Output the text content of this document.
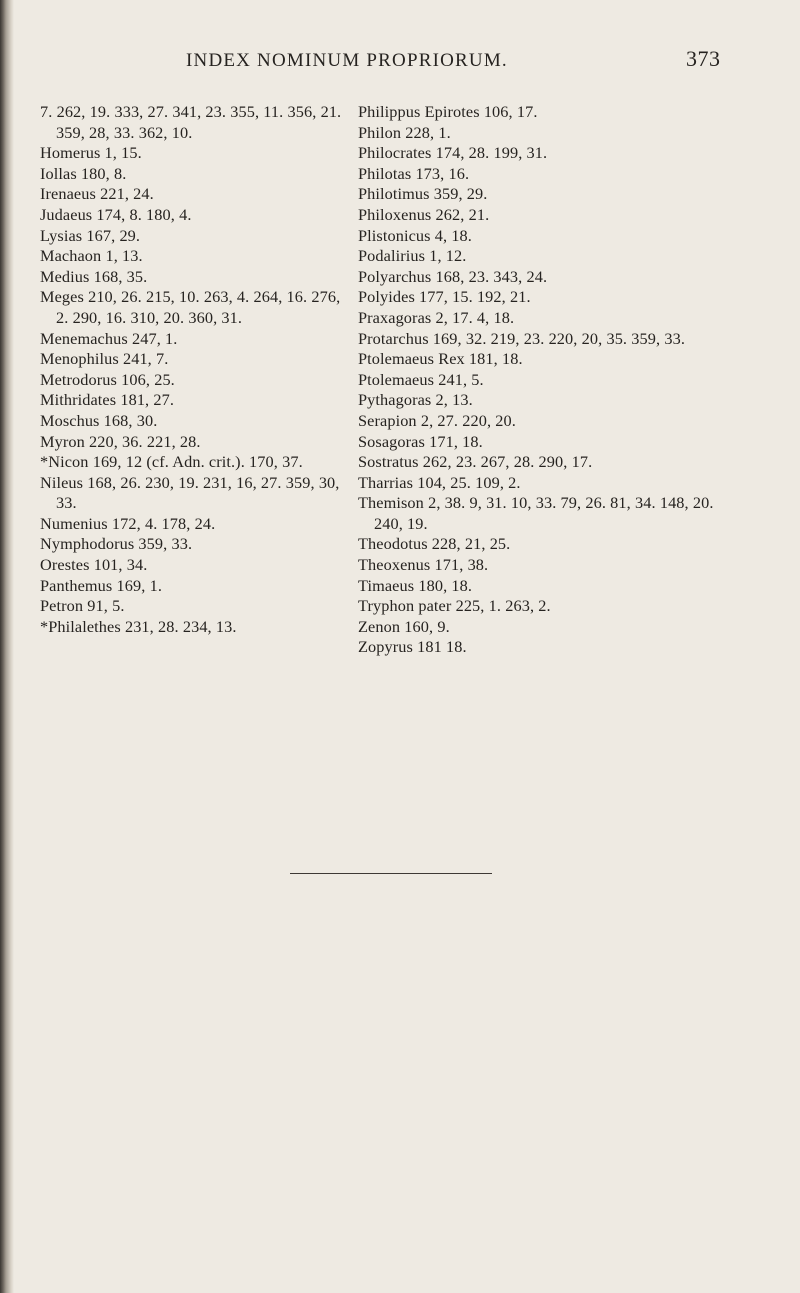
INDEX NOMINUM PROPRIORUM.	373
7. 262, 19. 333, 27. 341, 23. 355, 11. 356, 21. 359, 28, 33. 362, 10.
Homerus 1, 15.
Iollas 180, 8.
Irenaeus 221, 24.
Judaeus 174, 8. 180, 4.
Lysias 167, 29.
Machaon 1, 13.
Medius 168, 35.
Meges 210, 26. 215, 10. 263, 4. 264, 16. 276, 2. 290, 16. 310, 20. 360, 31.
Menemachus 247, 1.
Menophilus 241, 7.
Metrodorus 106, 25.
Mithridates 181, 27.
Moschus 168, 30.
Myron 220, 36. 221, 28.
*Nicon 169, 12 (cf. Adn. crit.). 170, 37.
Nileus 168, 26. 230, 19. 231, 16, 27. 359, 30, 33.
Numenius 172, 4. 178, 24.
Nymphodorus 359, 33.
Orestes 101, 34.
Panthemus 169, 1.
Petron 91, 5.
*Philalethes 231, 28. 234, 13.
Philippus Epirotes 106, 17.
Philon 228, 1.
Philocrates 174, 28. 199, 31.
Philotas 173, 16.
Philotimus 359, 29.
Philoxenus 262, 21.
Plistonicus 4, 18.
Podalirius 1, 12.
Polyarchus 168, 23. 343, 24.
Polyides 177, 15. 192, 21.
Praxagoras 2, 17. 4, 18.
Protarchus 169, 32. 219, 23. 220, 20, 35. 359, 33.
Ptolemaeus Rex 181, 18.
Ptolemaeus 241, 5.
Pythagoras 2, 13.
Serapion 2, 27. 220, 20.
Sosagoras 171, 18.
Sostratus 262, 23. 267, 28. 290, 17.
Tharrias 104, 25. 109, 2.
Themison 2, 38. 9, 31. 10, 33. 79, 26. 81, 34. 148, 20. 240, 19.
Theodotus 228, 21, 25.
Theoxenus 171, 38.
Timaeus 180, 18.
Tryphon pater 225, 1. 263, 2.
Zenon 160, 9.
Zopyrus 181 18.
